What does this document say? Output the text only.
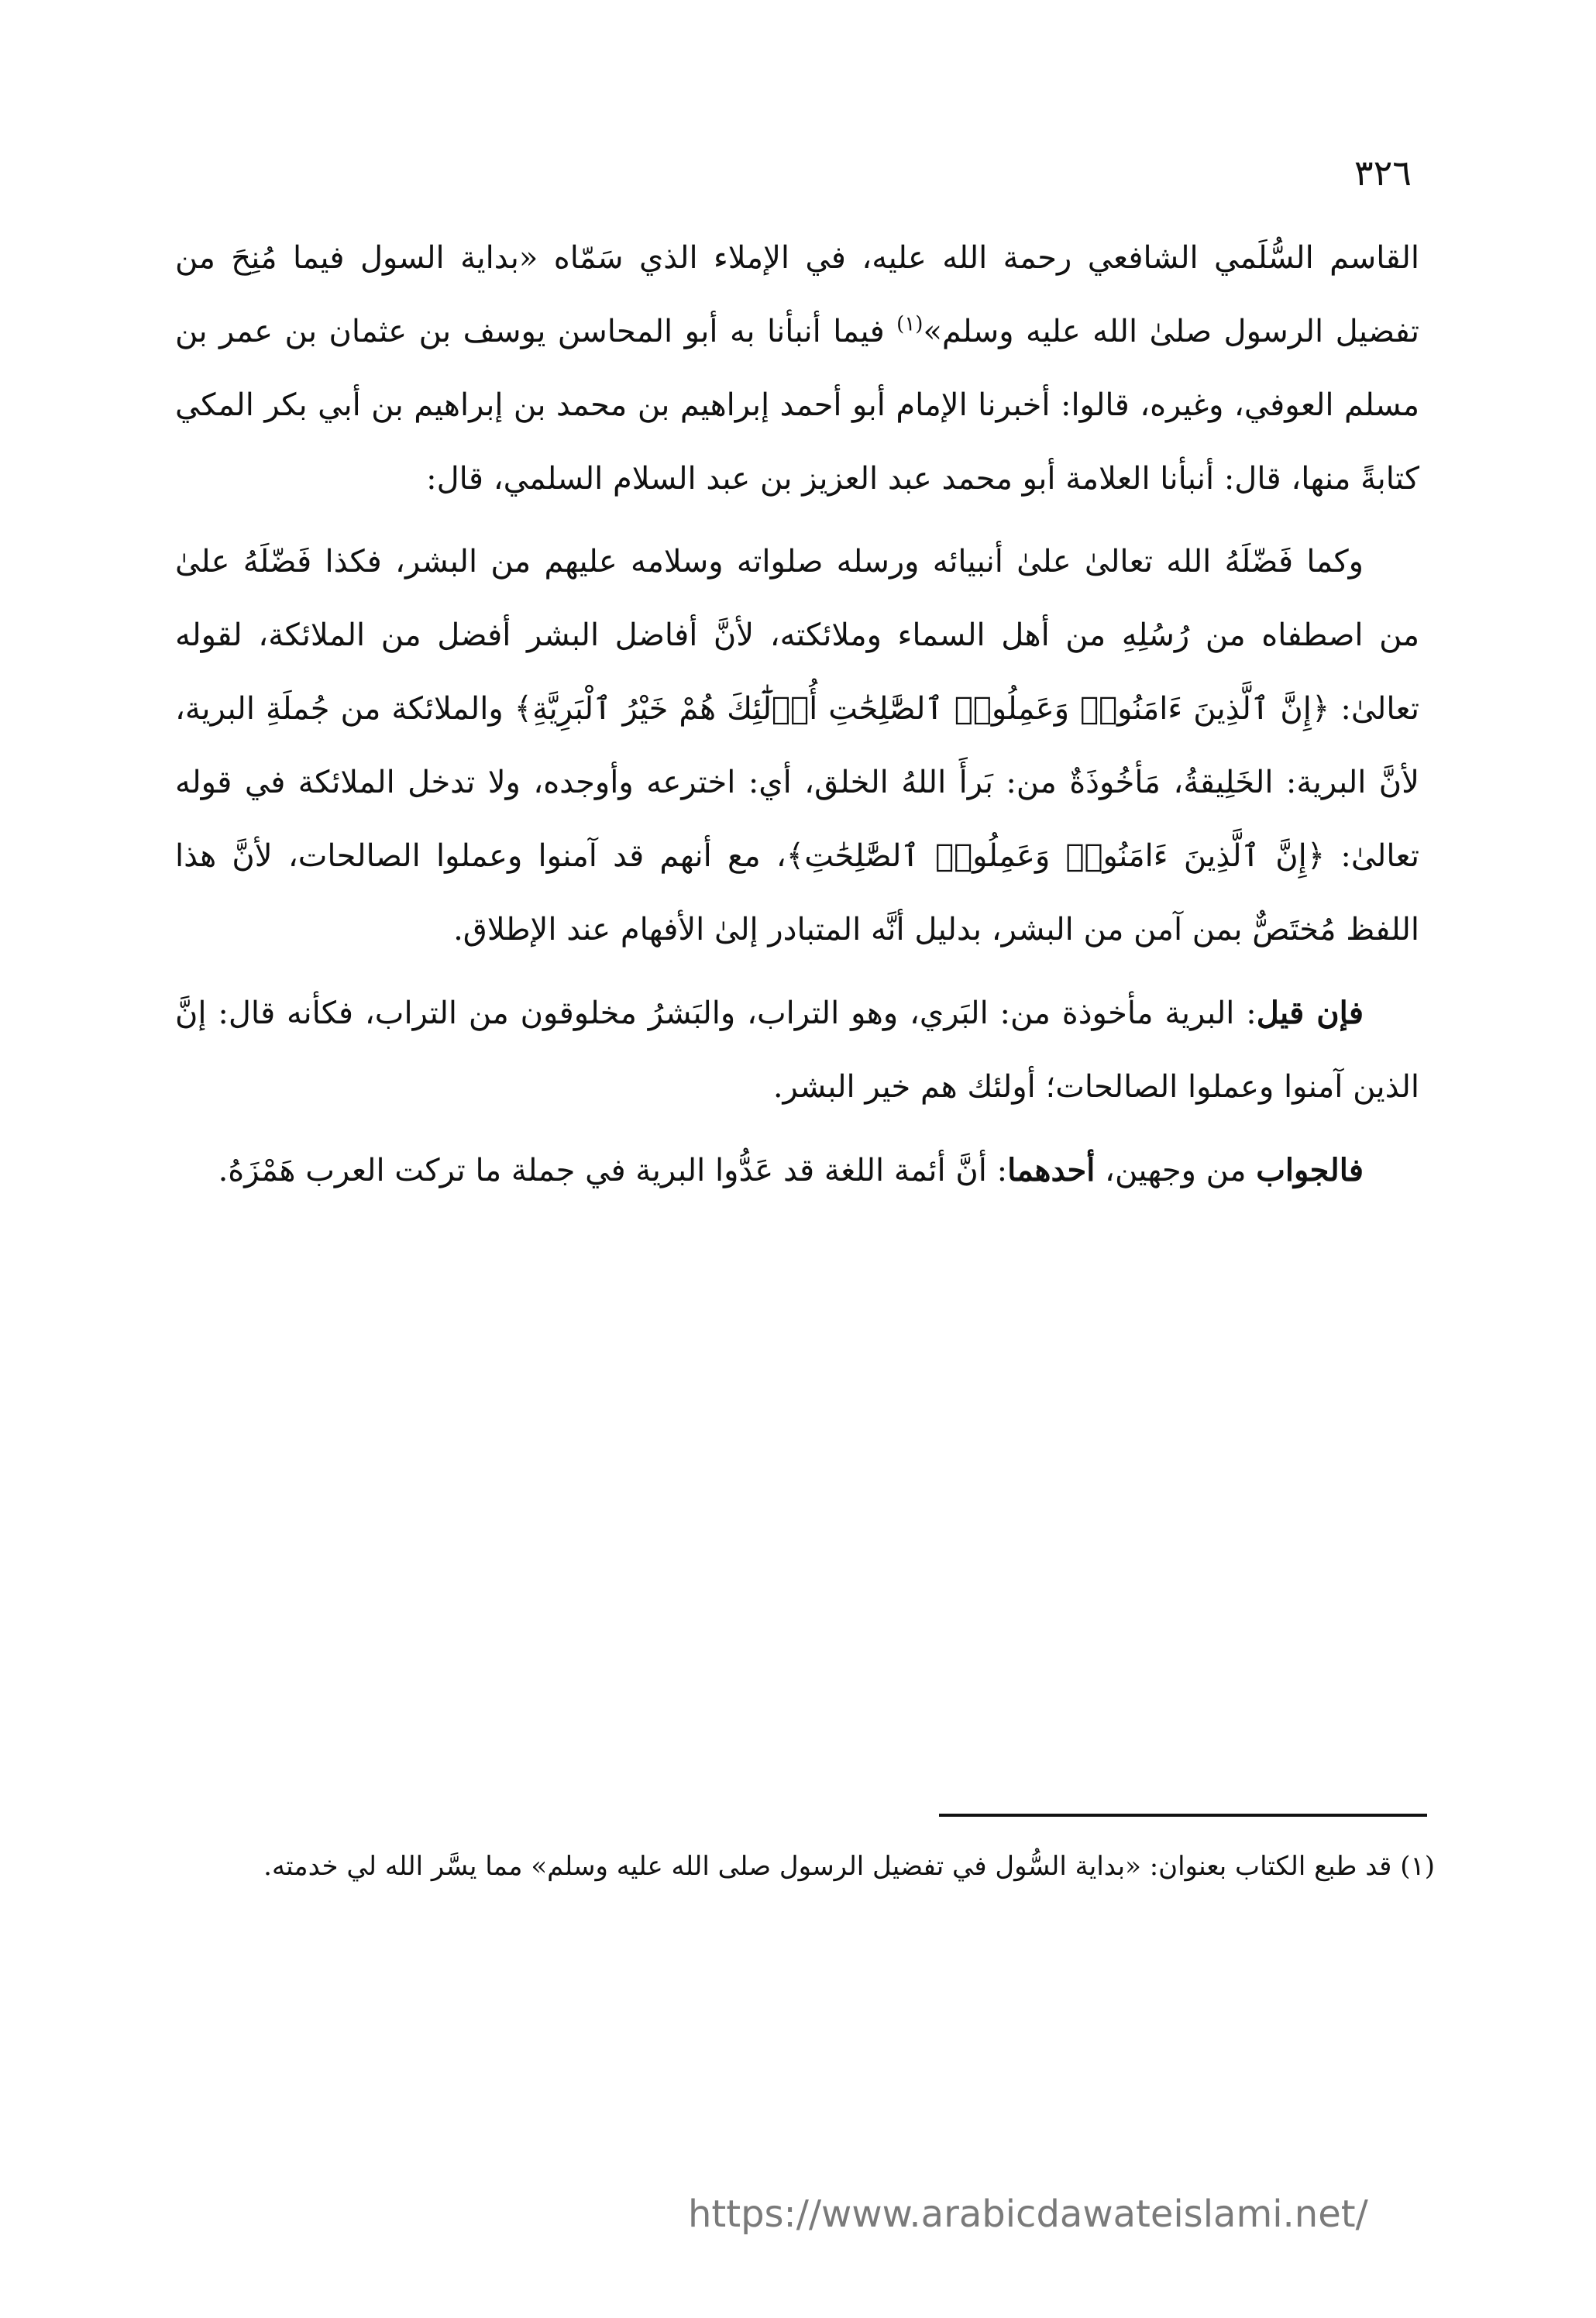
٣٢٦

القاسم السُّلَمي الشافعي رحمة الله عليه، في الإملاء الذي سَمّاه «بداية السول فيما مُنِحَ من تفضيل الرسول صلىٰ الله عليه وسلم»$^{(١)}$ فيما أنبأنا به أبو المحاسن يوسف بن عثمان بن عمر بن مسلم العوفي، وغيره، قالوا: أخبرنا الإمام أبو أحمد إبراهيم بن محمد بن إبراهيم بن أبي بكر المكي كتابةً منها، قال: أنبأنا العلامة أبو محمد عبد العزيز بن عبد السلام السلمي، قال:

وكما فَضّلَهُ الله تعالىٰ علىٰ أنبيائه ورسله صلواته وسلامه عليهم من البشر، فكذا فَضّلَهُ علىٰ من اصطفاه من رُسُلِهِ من أهل السماء وملائكته، لأنَّ أفاضل البشر أفضل من الملائكة، لقوله تعالىٰ: ﴿إِنَّ ٱلَّذِينَ ءَامَنُوا۟ وَعَمِلُوا۟ ٱلصَّٰلِحَٰتِ أُو۟لَٰٓئِكَ هُمْ خَيْرُ ٱلْبَرِيَّةِ﴾ والملائكة من جُملَةِ البرية، لأنَّ البرية: الخَلِيقةُ، مَأخُوذَةٌ من: بَرأَ اللهُ الخلق، أي: اخترعه وأوجده، ولا تدخل الملائكة في قوله تعالىٰ: ﴿إِنَّ ٱلَّذِينَ ءَامَنُوا۟ وَعَمِلُوا۟ ٱلصَّٰلِحَٰتِ﴾، مع أنهم قد آمنوا وعملوا الصالحات، لأنَّ هذا اللفظ مُختَصٌّ بمن آمن من البشر، بدليل أنَّه المتبادر إلىٰ الأفهام عند الإطلاق.

فإن قيل: البرية مأخوذة من: البَري، وهو التراب، والبَشرُ مخلوقون من التراب، فكأنه قال: إنَّ الذين آمنوا وعملوا الصالحات؛ أولئك هم خير البشر.

فالجواب من وجهين، أحدهما: أنَّ أئمة اللغة قد عَدُّوا البرية في جملة ما تركت العرب هَمْزَهُ.

(١) قد طبع الكتاب بعنوان: «بداية السُّول في تفضيل الرسول صلى الله عليه وسلم» مما يسَّر الله لي خدمته.

https://www.arabicdawateislami.net/
